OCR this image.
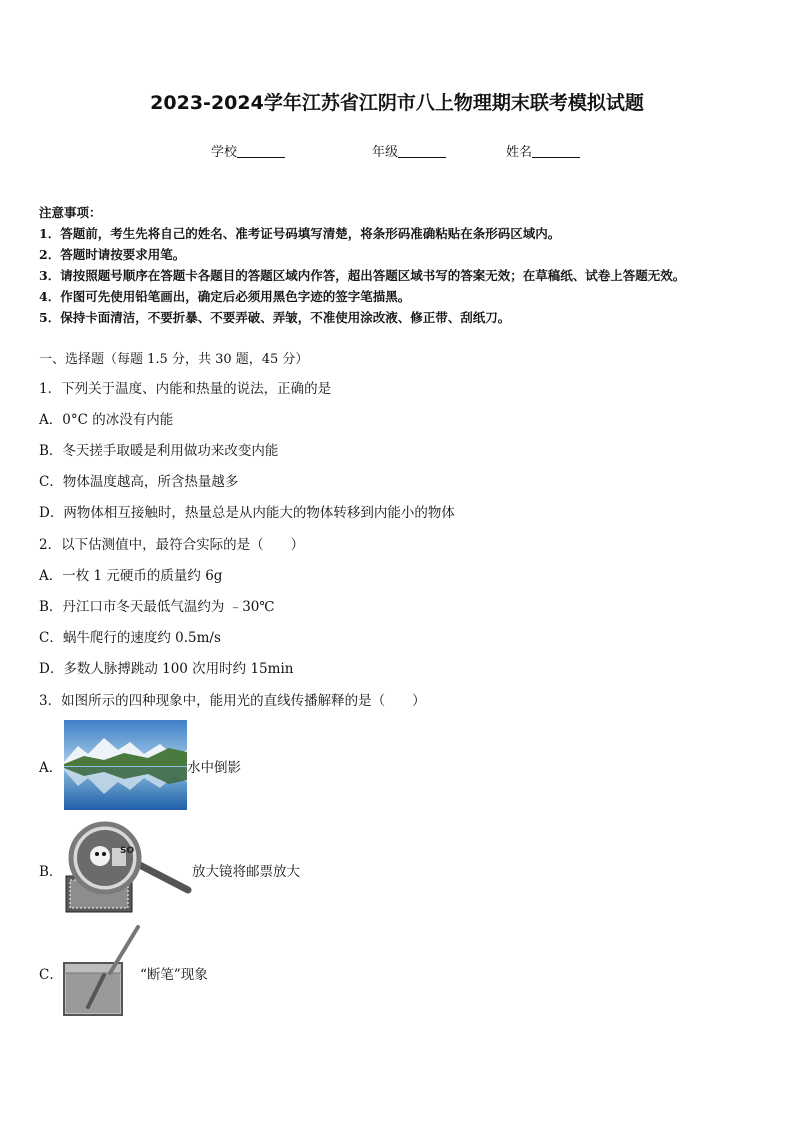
2023-2024学年江苏省江阴市八上物理期末联考模拟试题
学校	年级	姓名
注意事项：
1．答题前，考生先将自己的姓名、准考证号码填写清楚，将条形码准确粘贴在条形码区域内。
2．答题时请按要求用笔。
3．请按照题号顺序在答题卡各题目的答题区域内作答，超出答题区域书写的答案无效；在草稿纸、试卷上答题无效。
4．作图可先使用铅笔画出，确定后必须用黑色字迹的签字笔描黑。
5．保持卡面清洁，不要折暴、不要弄破、弄皱，不准使用涂改液、修正带、刮纸刀。
一、选择题（每题 1.5 分，共 30 题，45 分）
1．下列关于温度、内能和热量的说法，正确的是
A．0°C 的冰没有内能
B．冬天搓手取暖是利用做功来改变内能
C．物体温度越高，所含热量越多
D．两物体相互接触时，热量总是从内能大的物体转移到内能小的物体
2．以下估测值中，最符合实际的是（　　）
A．一枚 1 元硬币的质量约 6g
B．丹江口市冬天最低气温约为 ﹣30℃
C．蜗牛爬行的速度约 0.5m/s
D．多数人脉搏跳动 100 次用时约 15min
3．如图所示的四种现象中，能用光的直线传播解释的是（　　）
A．	水中倒影
B．
SO
放大镜将邮票放大
C．	“断笔”现象
